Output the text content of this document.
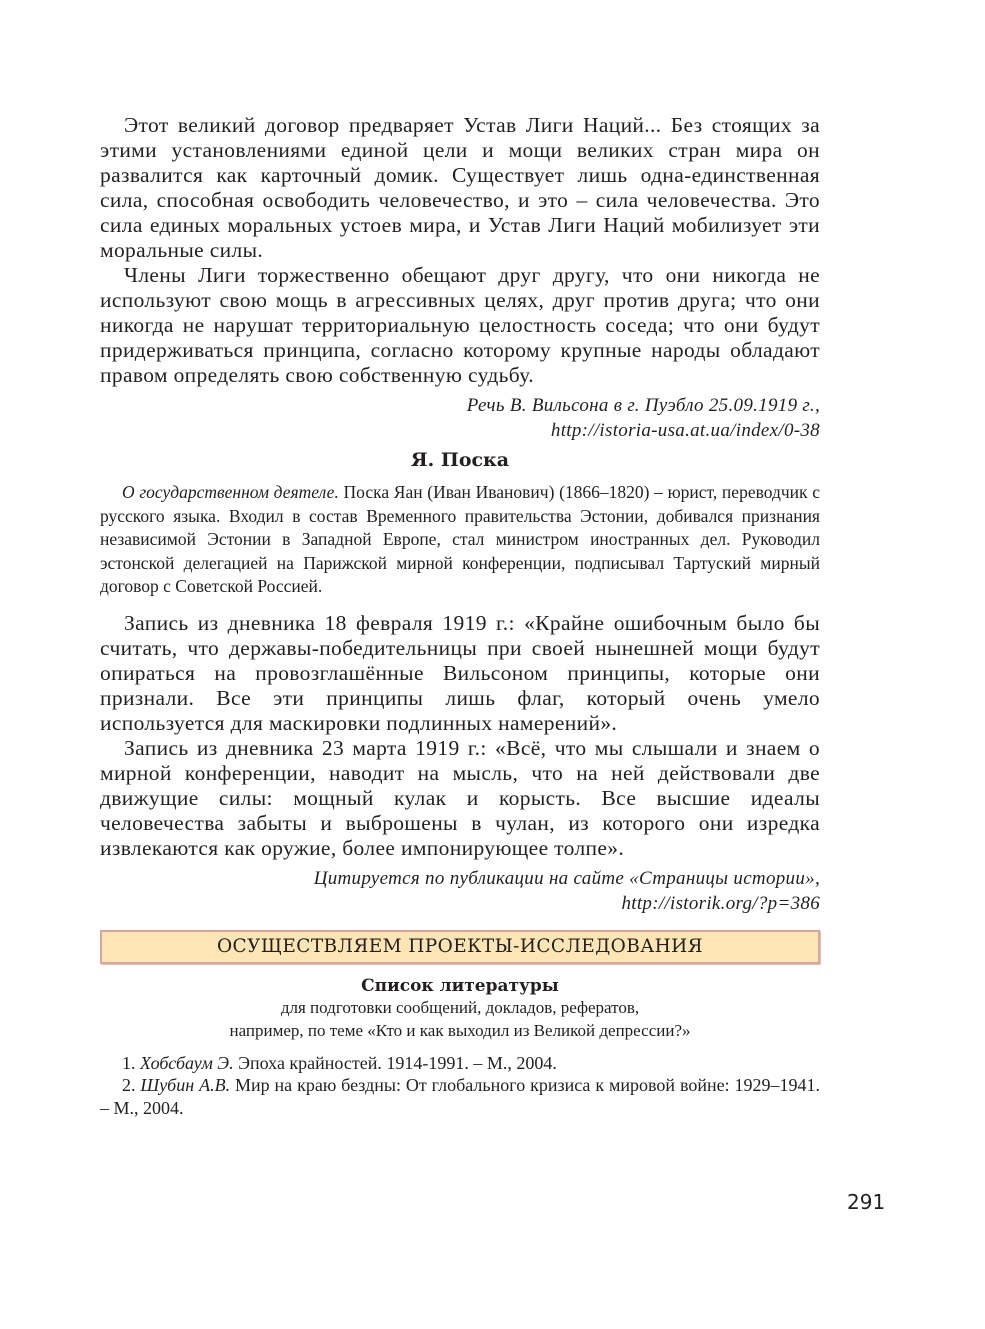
Этот великий договор предваряет Устав Лиги Наций... Без стоящих за этими установлениями единой цели и мощи великих стран мира он развалится как карточный домик. Существует лишь одна-единственная сила, способная освободить человечество, и это – сила человечества. Это сила единых моральных устоев мира, и Устав Лиги Наций мобилизует эти моральные силы.

Члены Лиги торжественно обещают друг другу, что они никогда не используют свою мощь в агрессивных целях, друг против друга; что они никогда не нарушат территориальную целостность соседа; что они будут придерживаться принципа, согласно которому крупные народы обладают правом определять свою собственную судьбу.

Речь В. Вильсона в г. Пуэбло 25.09.1919 г.,
http://istoria-usa.at.ua/index/0-38

Я. Поска

О государственном деятеле. Поска Яан (Иван Иванович) (1866–1820) – юрист, переводчик с русского языка. Входил в состав Временного правительства Эстонии, добивался признания независимой Эстонии в Западной Европе, стал министром иностранных дел. Руководил эстонской делегацией на Парижской мирной конференции, подписывал Тартуский мирный договор с Советской Россией.

Запись из дневника 18 февраля 1919 г.: «Крайне ошибочным было бы считать, что державы-победительницы при своей нынешней мощи будут опираться на провозглашённые Вильсоном принципы, которые они признали. Все эти принципы лишь флаг, который очень умело используется для маскировки подлинных намерений».

Запись из дневника 23 марта 1919 г.: «Всё, что мы слышали и знаем о мирной конференции, наводит на мысль, что на ней действовали две движущие силы: мощный кулак и корысть. Все высшие идеалы человечества забыты и выброшены в чулан, из которого они изредка извлекаются как оружие, более импонирующее толпе».

Цитируется по публикации на сайте «Страницы истории»,
http://istorik.org/?p=386

ОСУЩЕСТВЛЯЕМ ПРОЕКТЫ-ИССЛЕДОВАНИЯ
Список литературы
для подготовки сообщений, докладов, рефератов,
например, по теме «Кто и как выходил из Великой депрессии?»

1. Хобсбаум Э. Эпоха крайностей. 1914-1991. – М., 2004.

2. Шубин А.В. Мир на краю бездны: От глобального кризиса к мировой войне: 1929–1941. – М., 2004.

291
